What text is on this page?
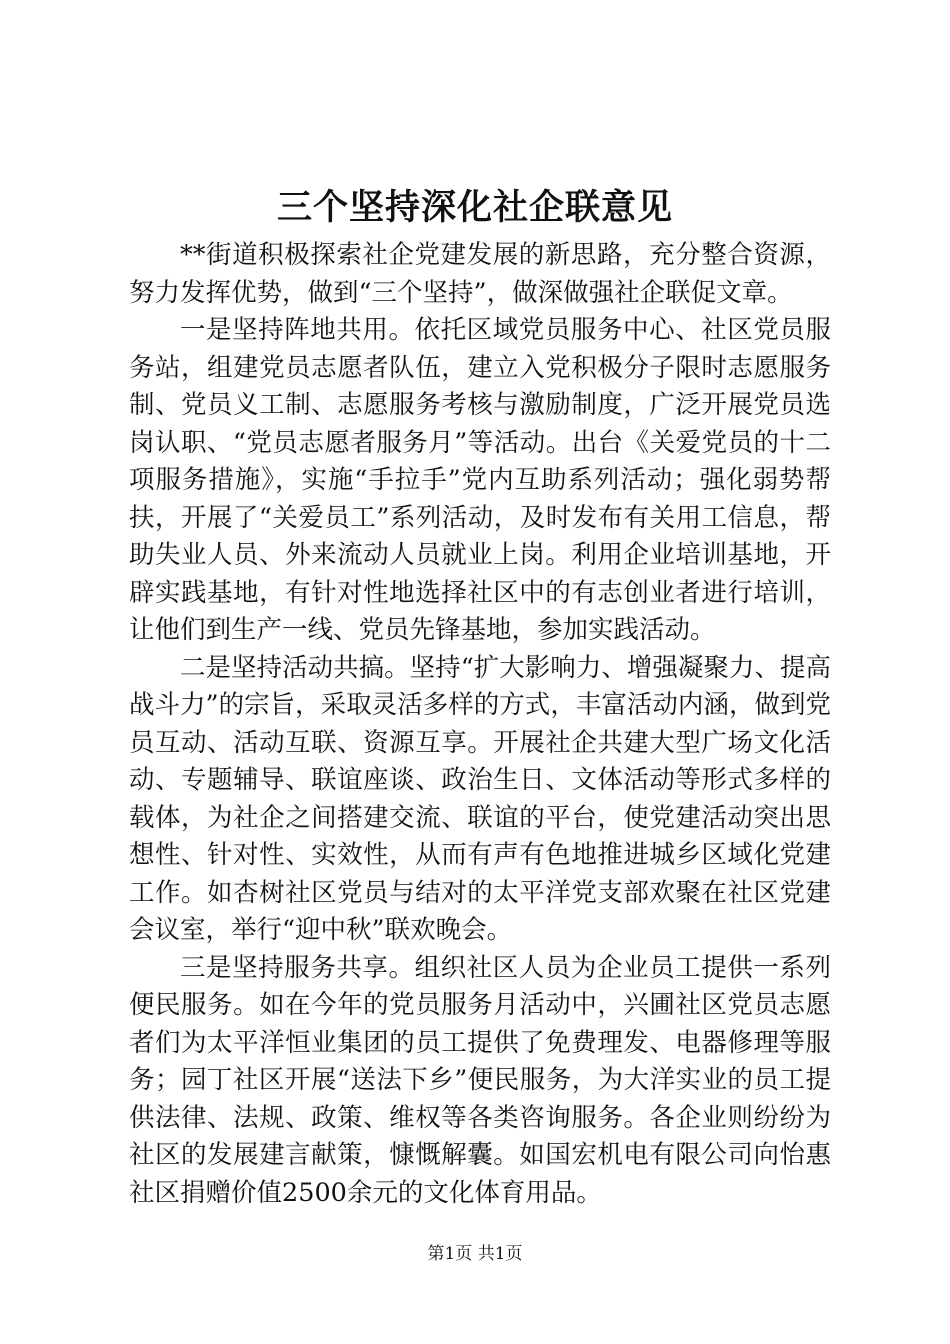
三个坚持深化社企联意见

**街道积极探索社企党建发展的新思路，充分整合资源，努力发挥优势，做到“三个坚持”，做深做强社企联促文章。

一是坚持阵地共用。依托区域党员服务中心、社区党员服务站，组建党员志愿者队伍，建立入党积极分子限时志愿服务制、党员义工制、志愿服务考核与激励制度，广泛开展党员选岗认职、“党员志愿者服务月”等活动。出台《关爱党员的十二项服务措施》，实施“手拉手”党内互助系列活动；强化弱势帮扶，开展了“关爱员工”系列活动，及时发布有关用工信息，帮助失业人员、外来流动人员就业上岗。利用企业培训基地，开辟实践基地，有针对性地选择社区中的有志创业者进行培训，让他们到生产一线、党员先锋基地，参加实践活动。

二是坚持活动共搞。坚持“扩大影响力、增强凝聚力、提高战斗力”的宗旨，采取灵活多样的方式，丰富活动内涵，做到党员互动、活动互联、资源互享。开展社企共建大型广场文化活动、专题辅导、联谊座谈、政治生日、文体活动等形式多样的载体，为社企之间搭建交流、联谊的平台，使党建活动突出思想性、针对性、实效性，从而有声有色地推进城乡区域化党建工作。如杏树社区党员与结对的太平洋党支部欢聚在社区党建会议室，举行“迎中秋”联欢晚会。

三是坚持服务共享。组织社区人员为企业员工提供一系列便民服务。如在今年的党员服务月活动中，兴圃社区党员志愿者们为太平洋恒业集团的员工提供了免费理发、电器修理等服务；园丁社区开展“送法下乡”便民服务，为大洋实业的员工提供法律、法规、政策、维权等各类咨询服务。各企业则纷纷为社区的发展建言献策，慷慨解囊。如国宏机电有限公司向怡惠社区捐赠价值2500余元的文化体育用品。

第1页 共1页
